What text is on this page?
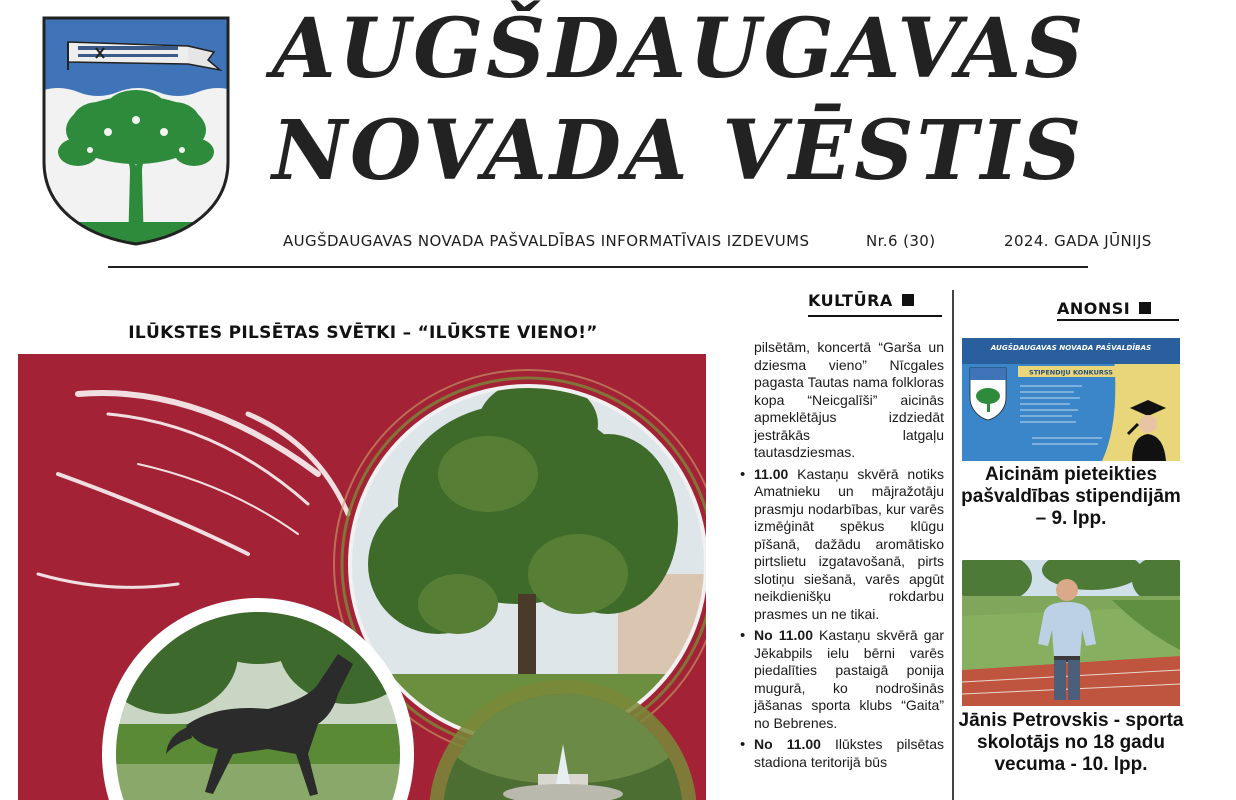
AUGŠDAUGAVAS
NOVADA VĒSTIS
AUGŠDAUGAVAS NOVADA PAŠVALDĪBAS INFORMATĪVAIS IZDEVUMS	Nr.6 (30)	2024. GADA JŪNIJS
KULTŪRA	ANONSI
ILŪKSTES PILSĒTAS SVĒTKI – “ILŪKSTE VIENO!”

pilsētām, koncertā “Garša un dziesma vieno” Nīcgales pagasta Tautas nama folkloras kopa “Neicgalīši” aicinās apmeklētājus izdziedāt jestrākās latgaļu tautasdziesmas.

• 11.00 Kastaņu skvērā notiks Amatnieku un mājražotāju prasmju nodarbības, kur varēs izmēģināt spēkus klūgu pīšanā, dažādu aromātisko pirtslietu izgatavošanā, pirts slotiņu siešanā, varēs apgūt neikdienišķu rokdarbu prasmes un ne tikai.
• No 11.00 Kastaņu skvērā gar Jēkabpils ielu bērni varēs piedalīties pastaigā ponija mugurā, ko nodrošinās jāšanas sporta klubs “Gaita” no Bebrenes.
• No 11.00 Ilūkstes pilsētas stadiona teritorijā būs
AUGŠDAUGAVAS NOVADA PAŠVALDĪBAS
STIPENDIJU KONKURSS
Aicinām pieteikties pašvaldības stipendijām – 9. lpp.
Jānis Petrovskis - sporta skolotājs no 18 gadu vecuma - 10. lpp.
